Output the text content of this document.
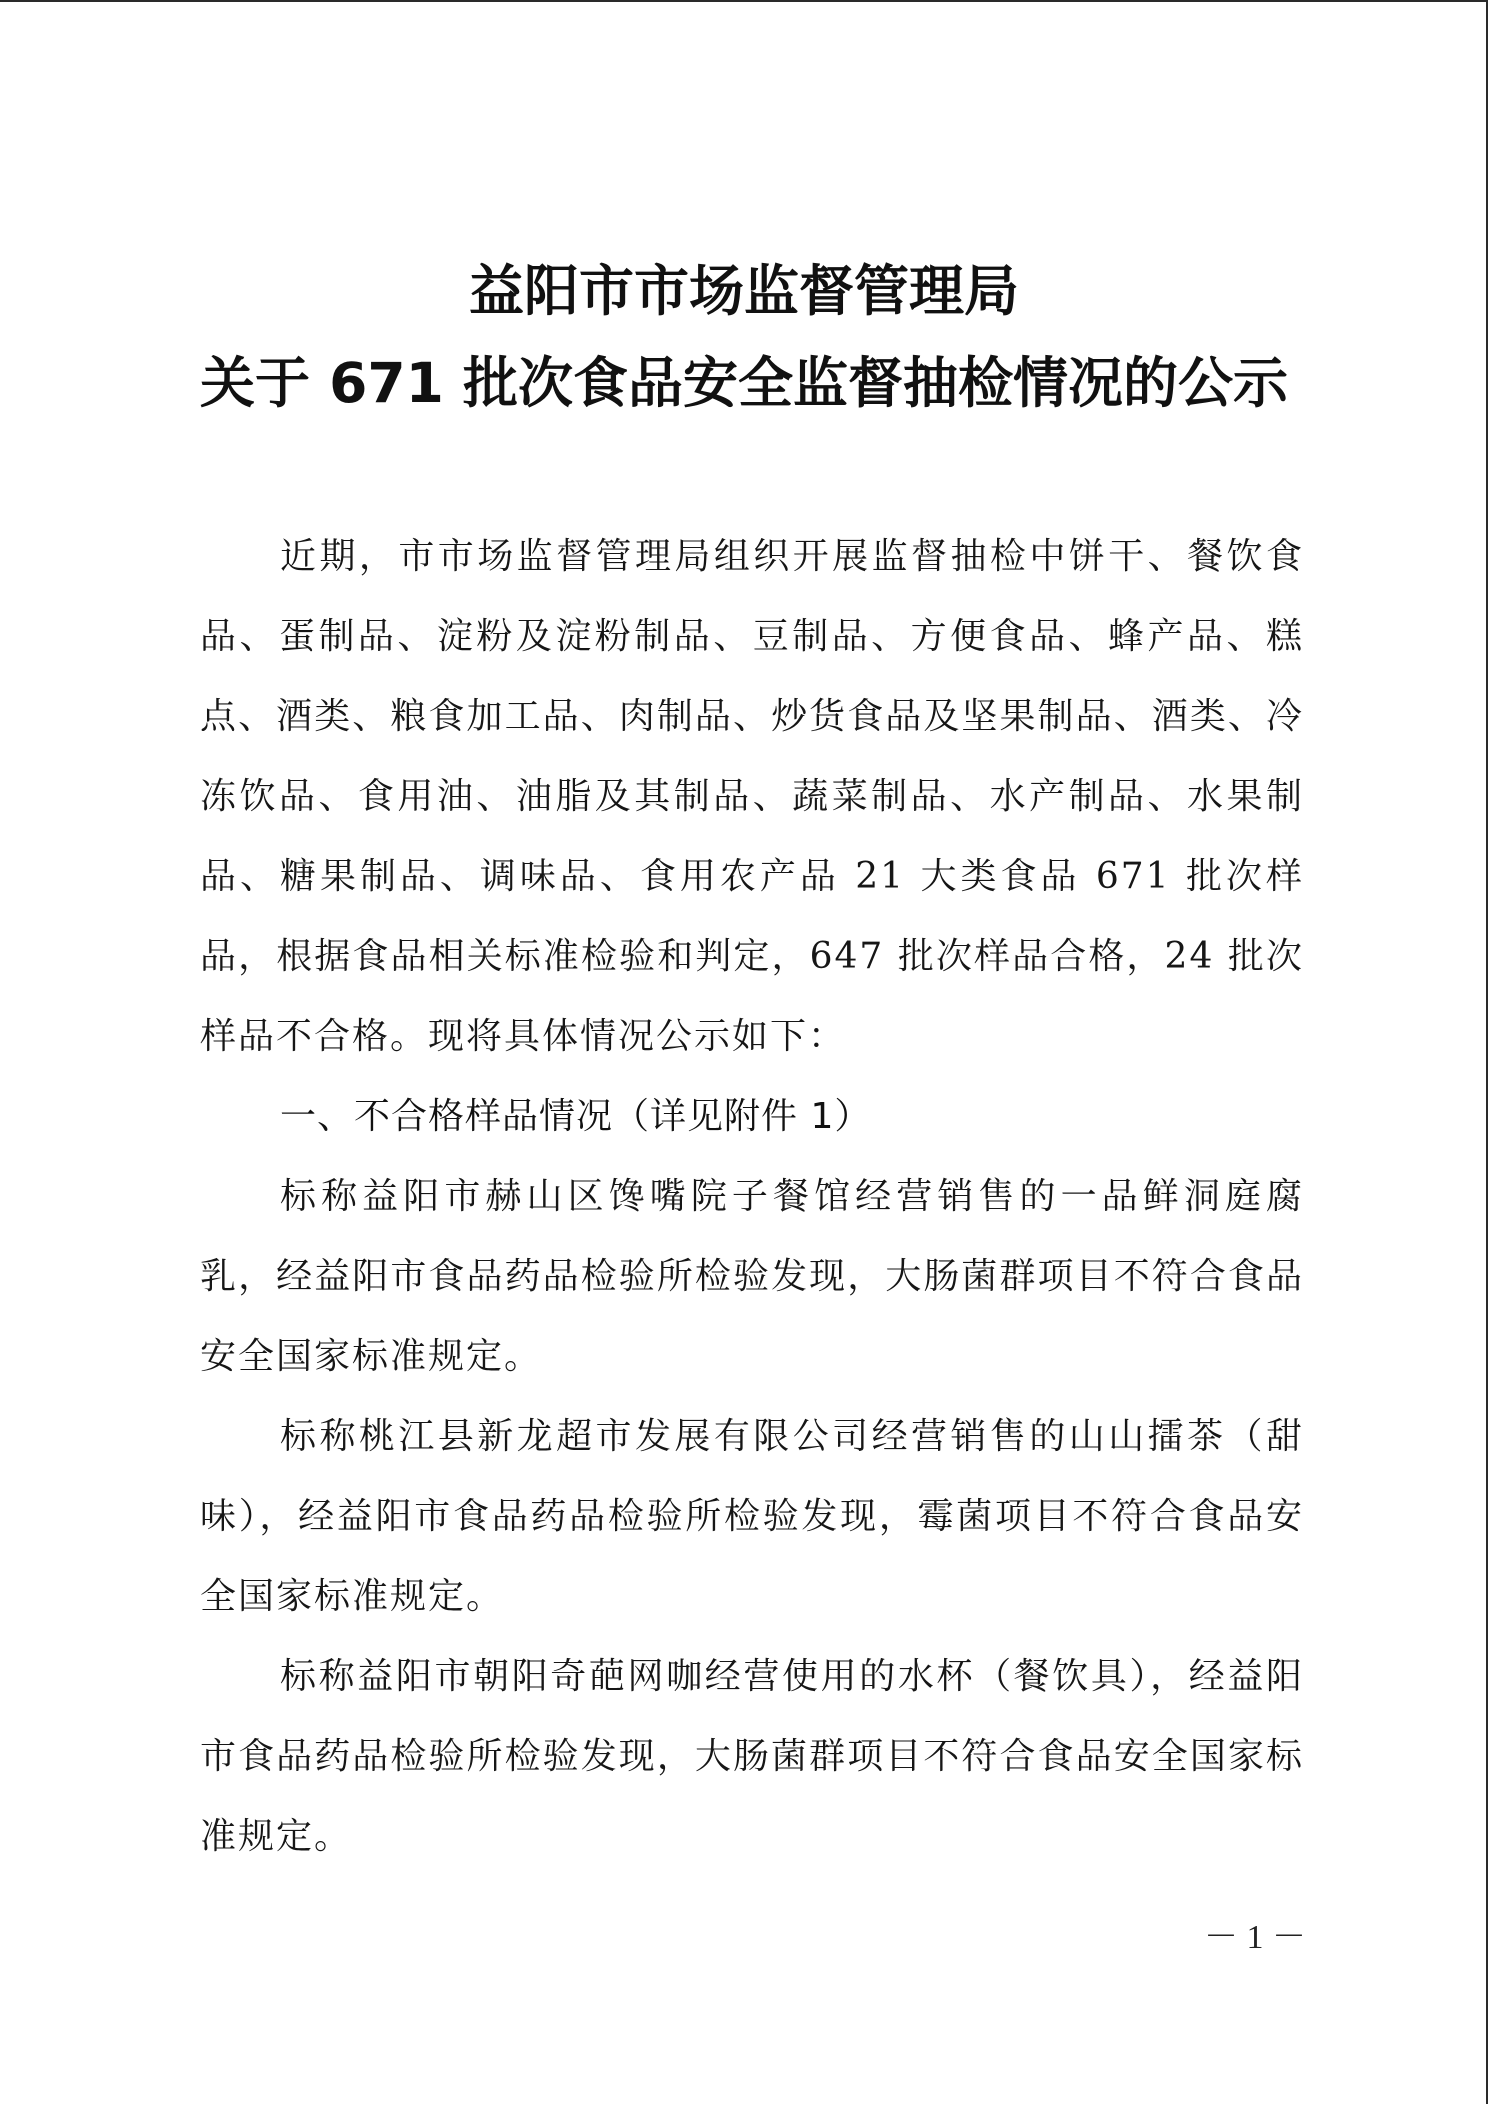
益阳市市场监督管理局
关于 671 批次食品安全监督抽检情况的公示

近期，市市场监督管理局组织开展监督抽检中饼干、餐饮食品、蛋制品、淀粉及淀粉制品、豆制品、方便食品、蜂产品、糕点、酒类、粮食加工品、肉制品、炒货食品及坚果制品、酒类、冷冻饮品、食用油、油脂及其制品、蔬菜制品、水产制品、水果制品、糖果制品、调味品、食用农产品 21 大类食品 671 批次样品，根据食品相关标准检验和判定，647 批次样品合格，24 批次样品不合格。现将具体情况公示如下：

一、不合格样品情况（详见附件 1）

标称益阳市赫山区馋嘴院子餐馆经营销售的一品鲜洞庭腐乳，经益阳市食品药品检验所检验发现，大肠菌群项目不符合食品安全国家标准规定。

标称桃江县新龙超市发展有限公司经营销售的山山擂茶（甜味），经益阳市食品药品检验所检验发现，霉菌项目不符合食品安全国家标准规定。

标称益阳市朝阳奇葩网咖经营使用的水杯（餐饮具），经益阳市食品药品检验所检验发现，大肠菌群项目不符合食品安全国家标准规定。

－ 1 －
